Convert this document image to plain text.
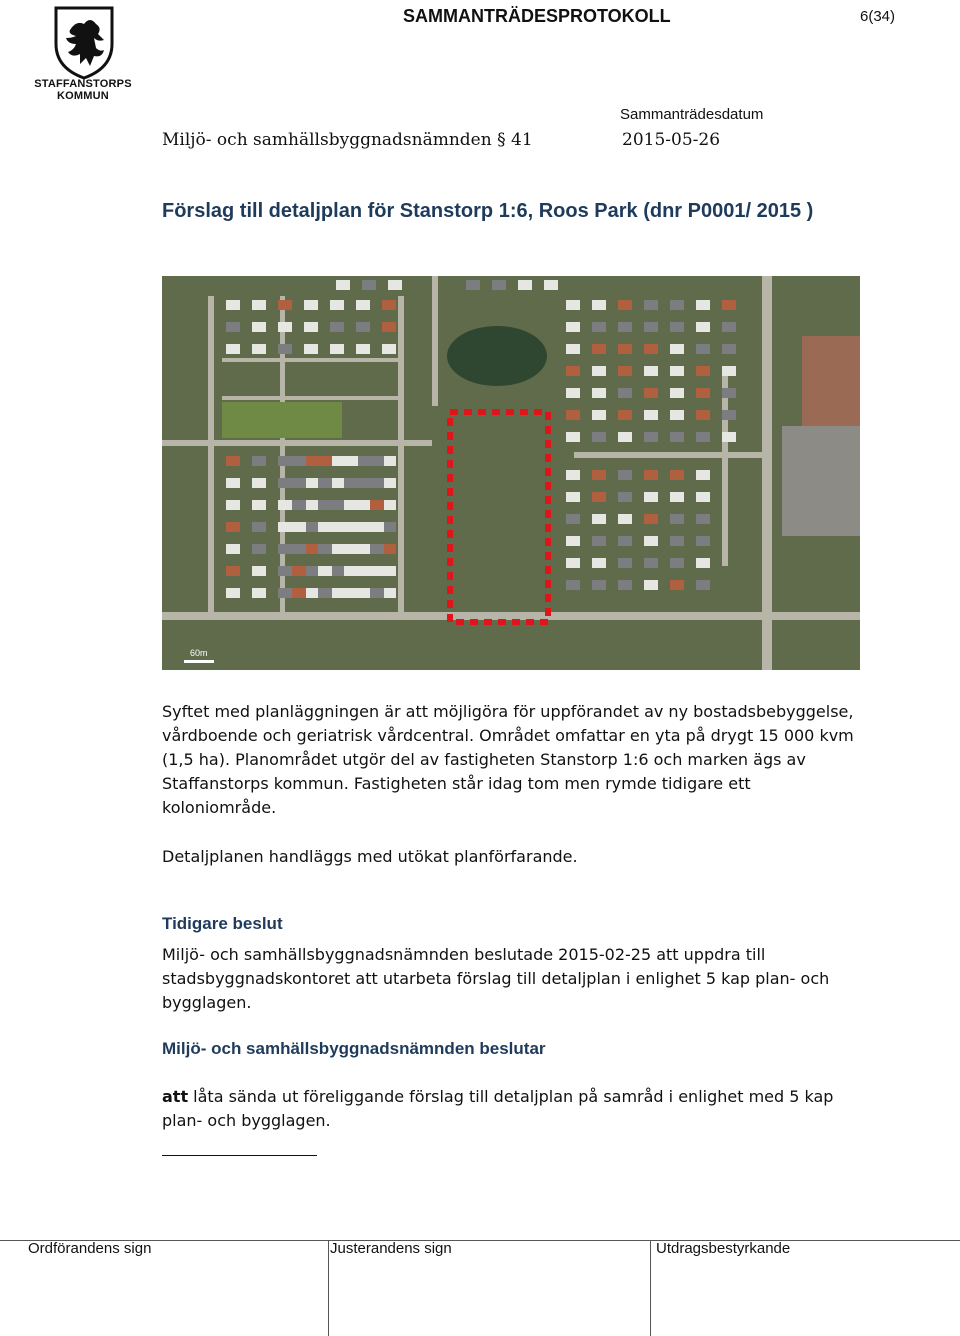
STAFFANSTORPS
KOMMUN
SAMMANTRÄDESPROTOKOLL	6(34)
Sammanträdesdatum
Miljö- och samhällsbyggnadsnämnden § 41	2015-05-26
Förslag till detaljplan för Stanstorp 1:6, Roos Park (dnr P0001/ 2015 )
60m
Syftet med planläggningen är att möjligöra för uppförandet av ny bostadsbebyggelse, vårdboende och geriatrisk vårdcentral. Området omfattar en yta på drygt 15 000 kvm (1,5 ha). Planområdet utgör del av fastigheten Stanstorp 1:6 och marken ägs av Staffanstorps kommun. Fastigheten står idag tom men rymde tidigare ett koloniområde.
Detaljplanen handläggs med utökat planförfarande.
Tidigare beslut
Miljö- och samhällsbyggnadsnämnden beslutade 2015-02-25 att uppdra till stadsbyggnadskontoret att utarbeta förslag till detaljplan i enlighet 5 kap plan- och bygglagen.
Miljö- och samhällsbyggnadsnämnden beslutar
att låta sända ut föreliggande förslag till detaljplan på samråd i enlighet med 5 kap plan- och bygglagen.
Ordförandens sign	Justerandens sign	Utdragsbestyrkande
